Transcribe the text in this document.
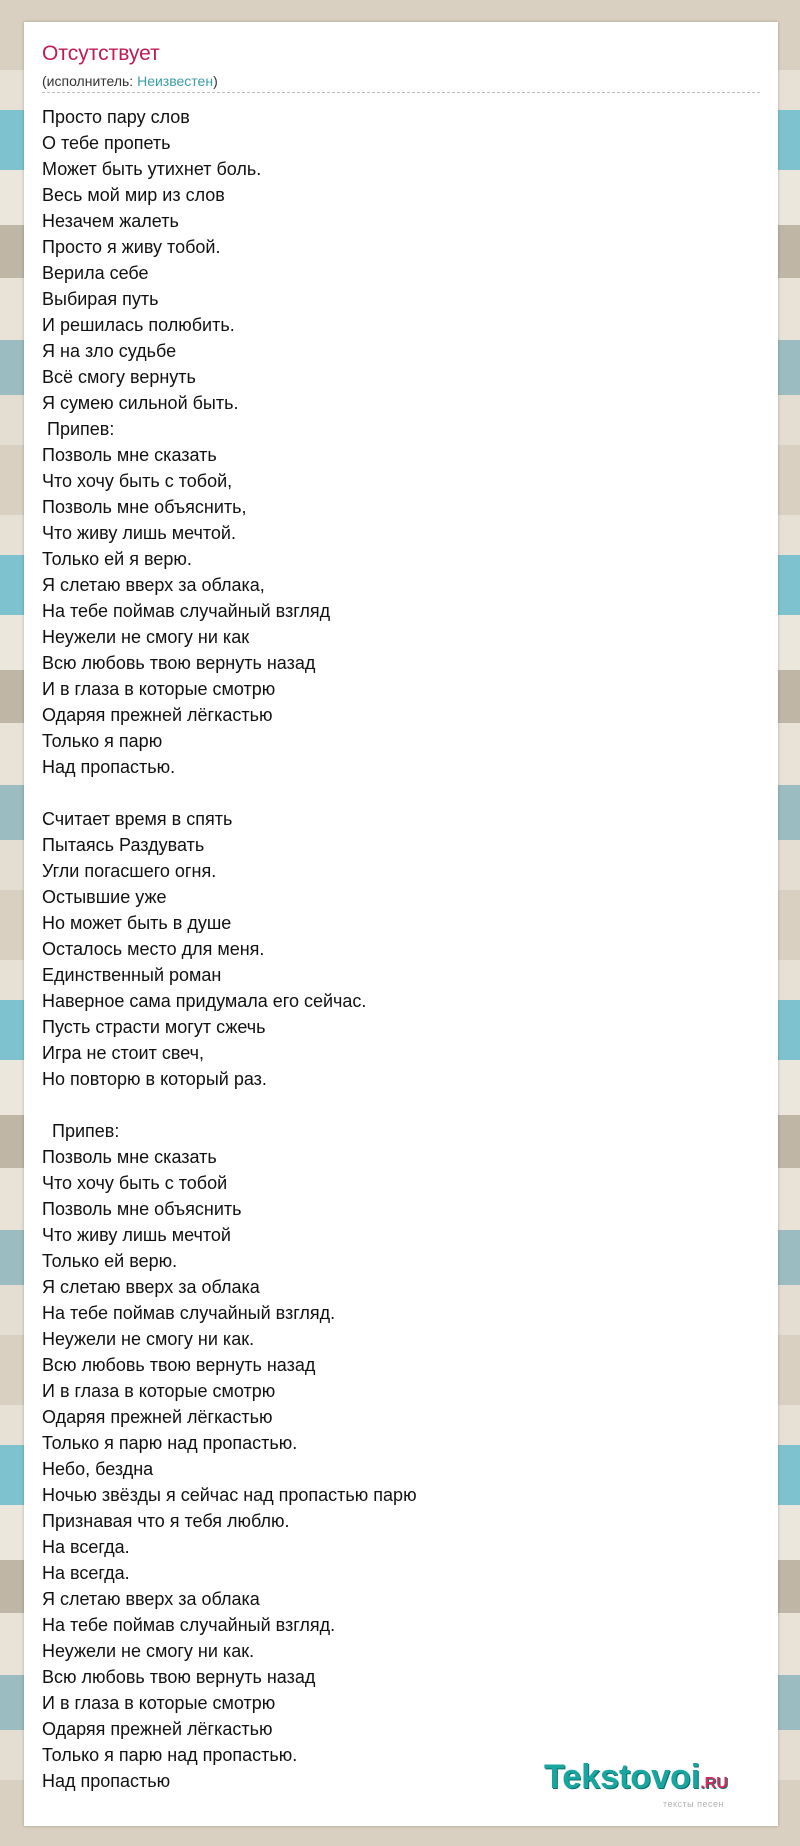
Отсутствует
(исполнитель: Неизвестен)
Просто пару слов
О тебе пропеть
Может быть утихнет боль.
Весь мой мир из слов
Незачем жалеть
Просто я живу тобой.
Верила себе
Выбирая путь
И решилась полюбить.
Я на зло судьбе
Всё смогу вернуть
Я сумею сильной быть.
Припев:
Позволь мне сказать
Что хочу быть с тобой,
Позволь мне объяснить,
Что живу лишь мечтой.
Только ей я верю.
Я слетаю вверх за облака,
На тебе поймав случайный взгляд
Неужели не смогу ни как
Всю любовь твою вернуть назад
И в глаза в которые смотрю
Одаряя прежней лёгкастью
Только я парю
Над пропастью.

Считает время в спять
Пытаясь Раздувать
Угли погасшего огня.
Остывшие уже
Но может быть в душе
Осталось место для меня.
Единственный роман
Наверное сама придумала его сейчас.
Пусть страсти могут сжечь
Игра не стоит свеч,
Но повторю в который раз.

Припев:
Позволь мне сказать
Что хочу быть с тобой
Позволь мне объяснить
Что живу лишь мечтой
Только ей верю.
Я слетаю вверх за облака
На тебе поймав случайный взгляд.
Неужели не смогу ни как.
Всю любовь твою вернуть назад
И в глаза в которые смотрю
Одаряя прежней лёгкастью
Только я парю над пропастью.
Небо, бездна
Ночью звёзды я сейчас над пропастью парю
Признавая что я тебя люблю.
На всегда.
На всегда.
Я слетаю вверх за облака
На тебе поймав случайный взгляд.
Неужели не смогу ни как.
Всю любовь твою вернуть назад
И в глаза в которые смотрю
Одаряя прежней лёгкастью
Только я парю над пропастью.
Над пропастью	Tekstovoi.RU
тексты песен
